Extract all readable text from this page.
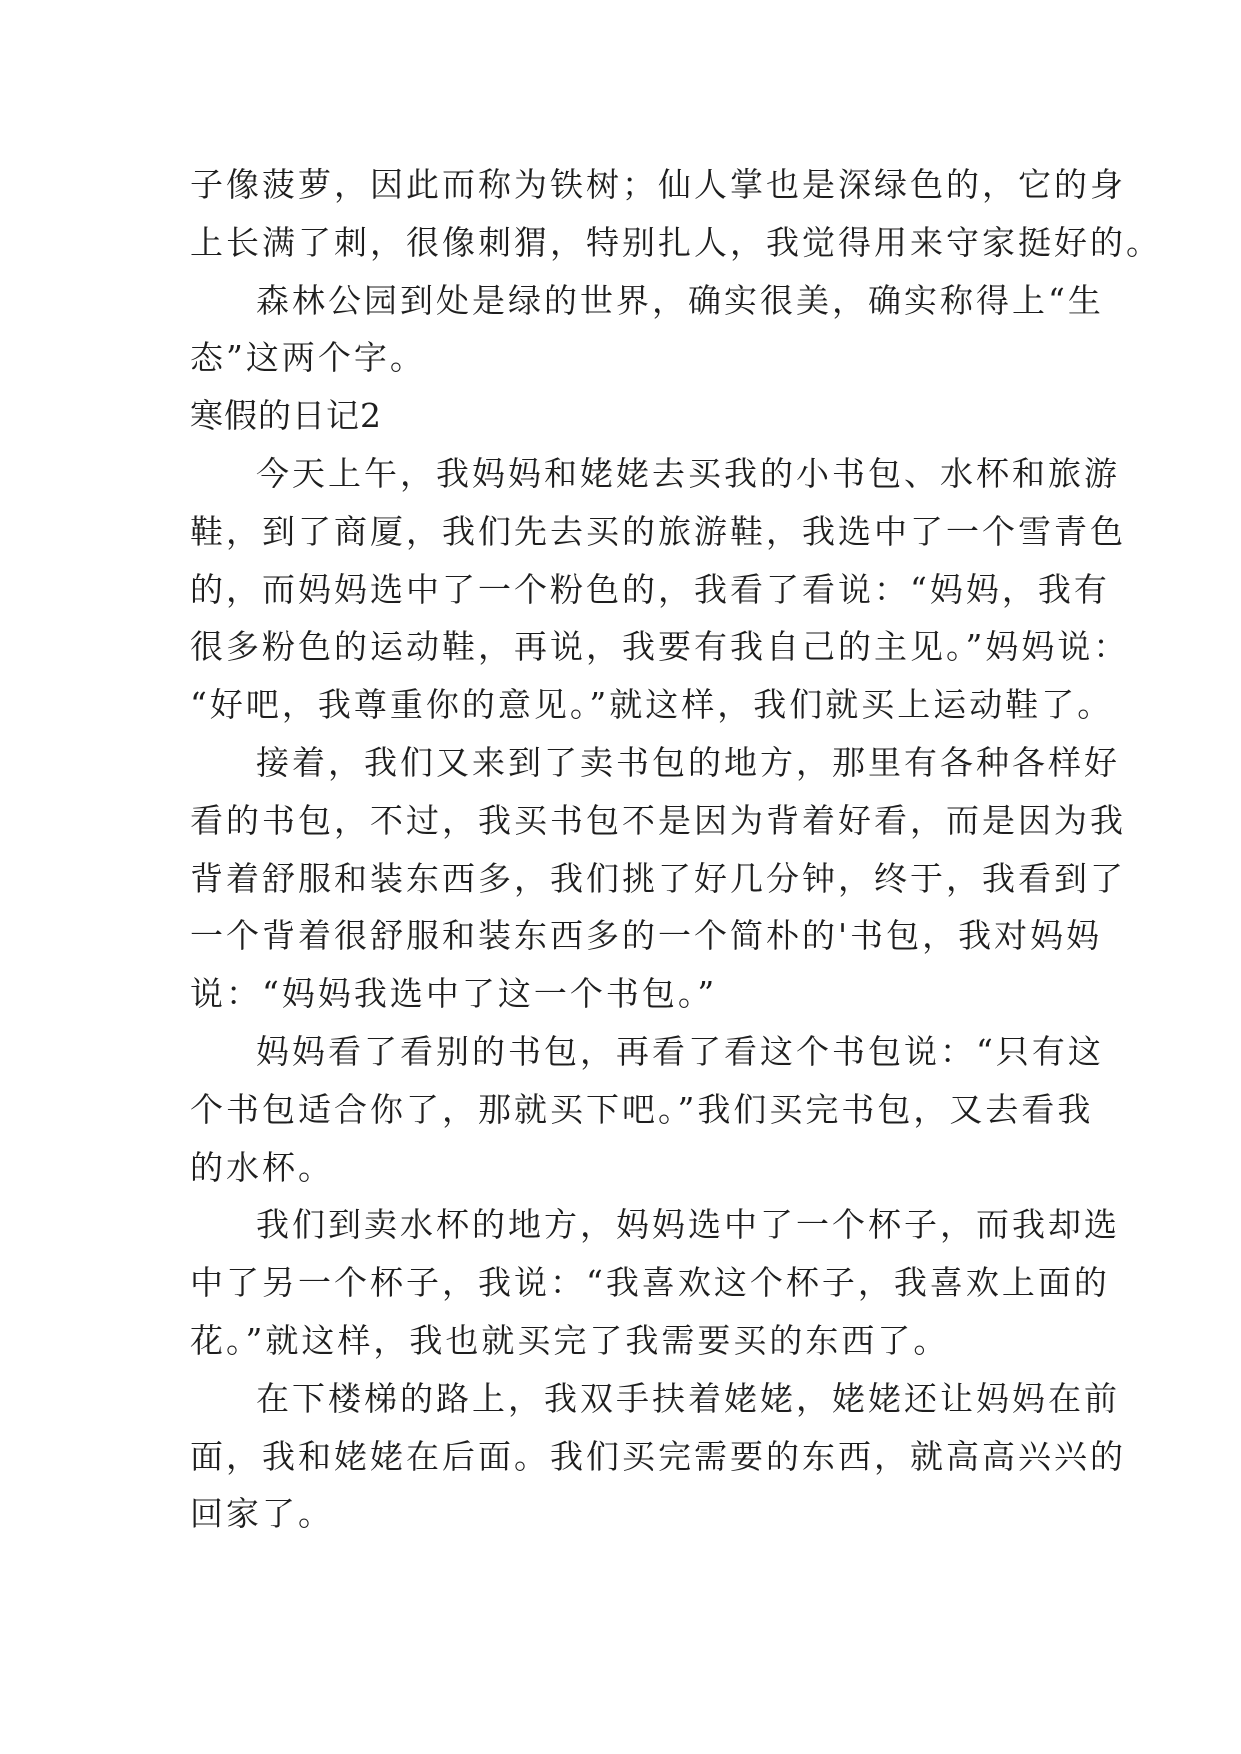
子像菠萝，因此而称为铁树；仙人掌也是深绿色的，它的身
上长满了刺，很像刺猬，特别扎人，我觉得用来守家挺好的。
森林公园到处是绿的世界，确实很美，确实称得上“生
态”这两个字。
寒假的日记2
今天上午，我妈妈和姥姥去买我的小书包、水杯和旅游
鞋，到了商厦，我们先去买的旅游鞋，我选中了一个雪青色
的，而妈妈选中了一个粉色的，我看了看说：“妈妈，我有
很多粉色的运动鞋，再说，我要有我自己的主见。”妈妈说：
“好吧，我尊重你的意见。”就这样，我们就买上运动鞋了。
接着，我们又来到了卖书包的地方，那里有各种各样好
看的书包，不过，我买书包不是因为背着好看，而是因为我
背着舒服和装东西多，我们挑了好几分钟，终于，我看到了
一个背着很舒服和装东西多的一个简朴的'书包，我对妈妈
说：“妈妈我选中了这一个书包。”
妈妈看了看别的书包，再看了看这个书包说：“只有这
个书包适合你了，那就买下吧。”我们买完书包，又去看我
的水杯。
我们到卖水杯的地方，妈妈选中了一个杯子，而我却选
中了另一个杯子，我说：“我喜欢这个杯子，我喜欢上面的
花。”就这样，我也就买完了我需要买的东西了。
在下楼梯的路上，我双手扶着姥姥，姥姥还让妈妈在前
面，我和姥姥在后面。我们买完需要的东西，就高高兴兴的
回家了。
